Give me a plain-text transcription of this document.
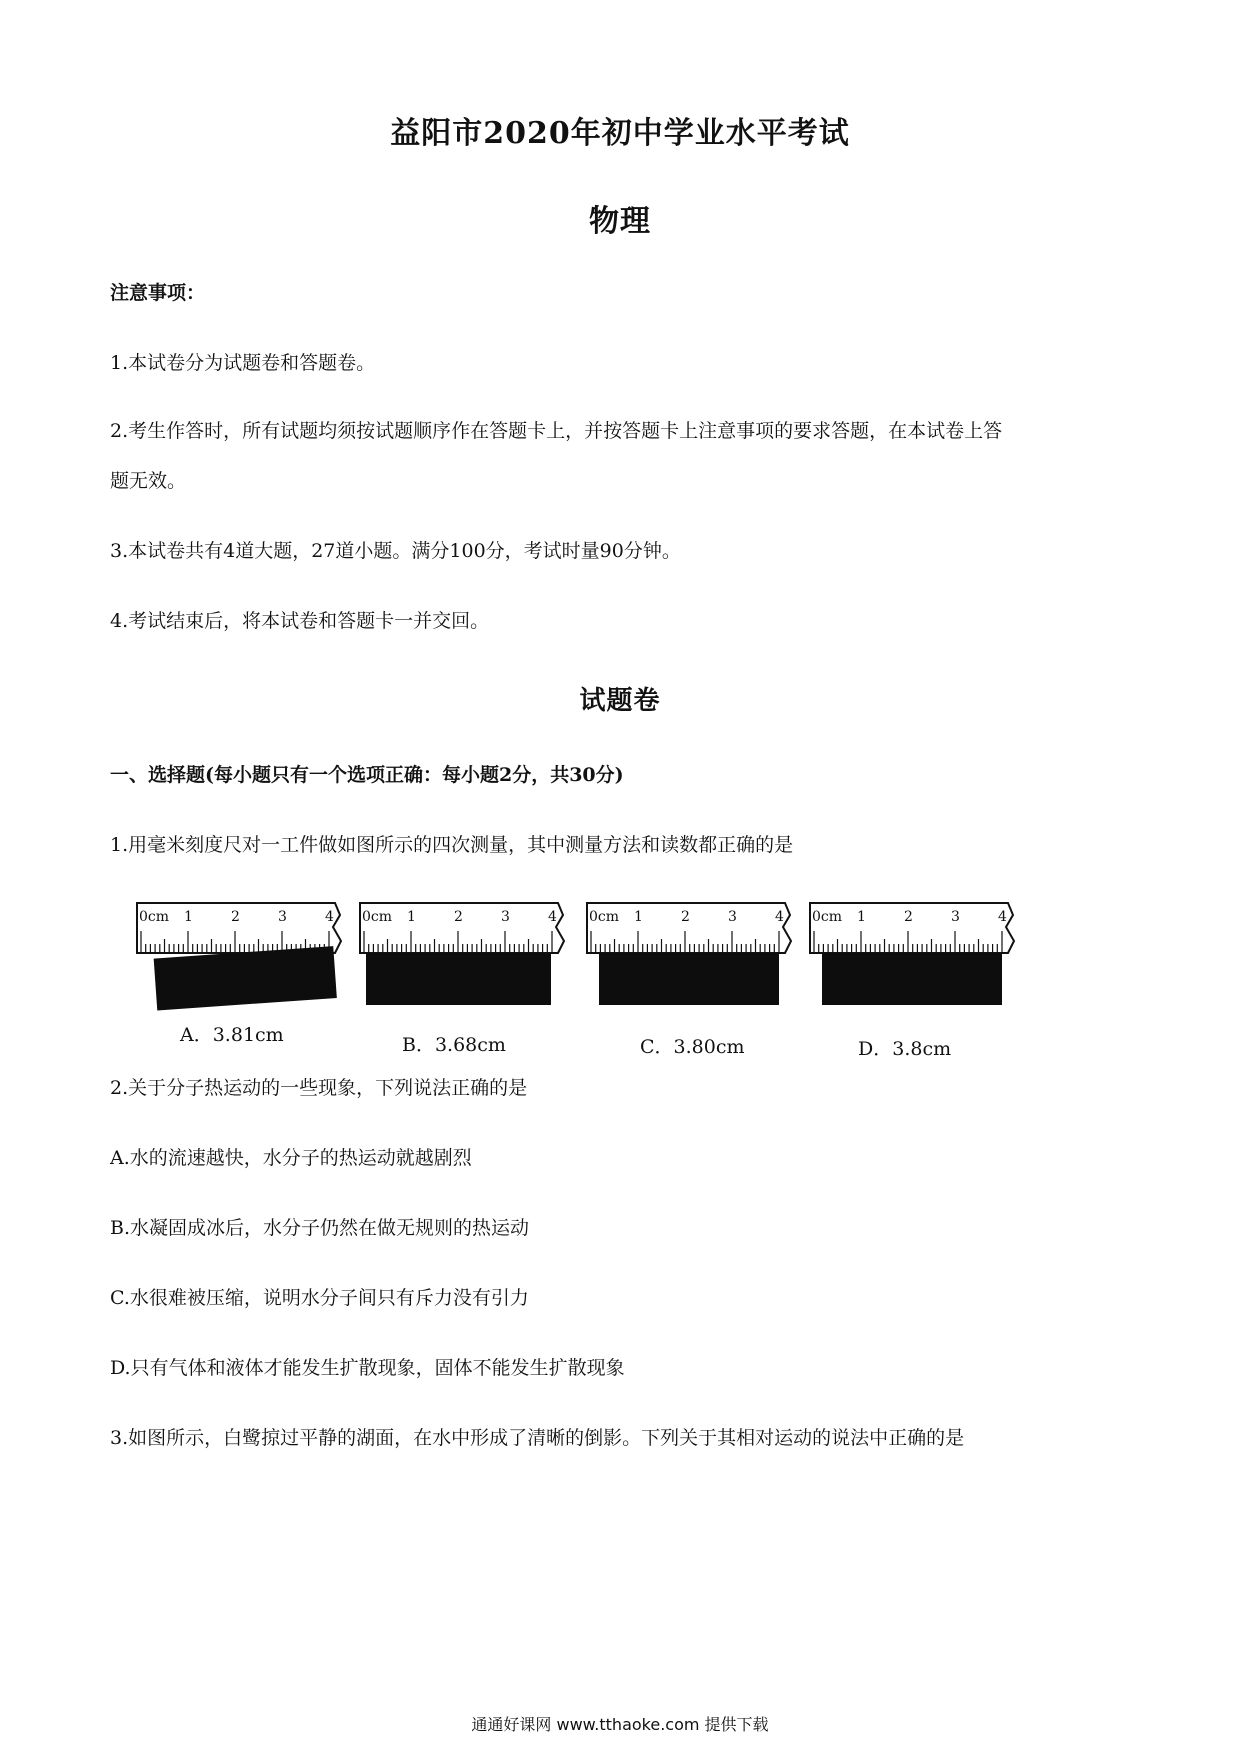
益阳市2020年初中学业水平考试
物理
注意事项：
1.本试卷分为试题卷和答题卷。
2.考生作答时，所有试题均须按试题顺序作在答题卡上，并按答题卡上注意事项的要求答题，在本试卷上答
题无效。
3.本试卷共有4道大题，27道小题。满分100分，考试时量90分钟。
4.考试结束后，将本试卷和答题卡一并交回。
试题卷
一、选择题(每小题只有一个选项正确：每小题2分，共30分)
1.用毫米刻度尺对一工件做如图所示的四次测量，其中测量方法和读数都正确的是
0cm 1	2	3	4 0cm 1	2	3	4 0cm 1	2	3	4 0cm 1	2	3	4
A．3.81cm	B．3.68cm	C．3.80cm	D．3.8cm
2.关于分子热运动的一些现象，下列说法正确的是
A.水的流速越快，水分子的热运动就越剧烈
B.水凝固成冰后，水分子仍然在做无规则的热运动
C.水很难被压缩，说明水分子间只有斥力没有引力
D.只有气体和液体才能发生扩散现象，固体不能发生扩散现象
3.如图所示，白鹭掠过平静的湖面，在水中形成了清晰的倒影。下列关于其相对运动的说法中正确的是
通通好课网 www.tthaoke.com 提供下载
